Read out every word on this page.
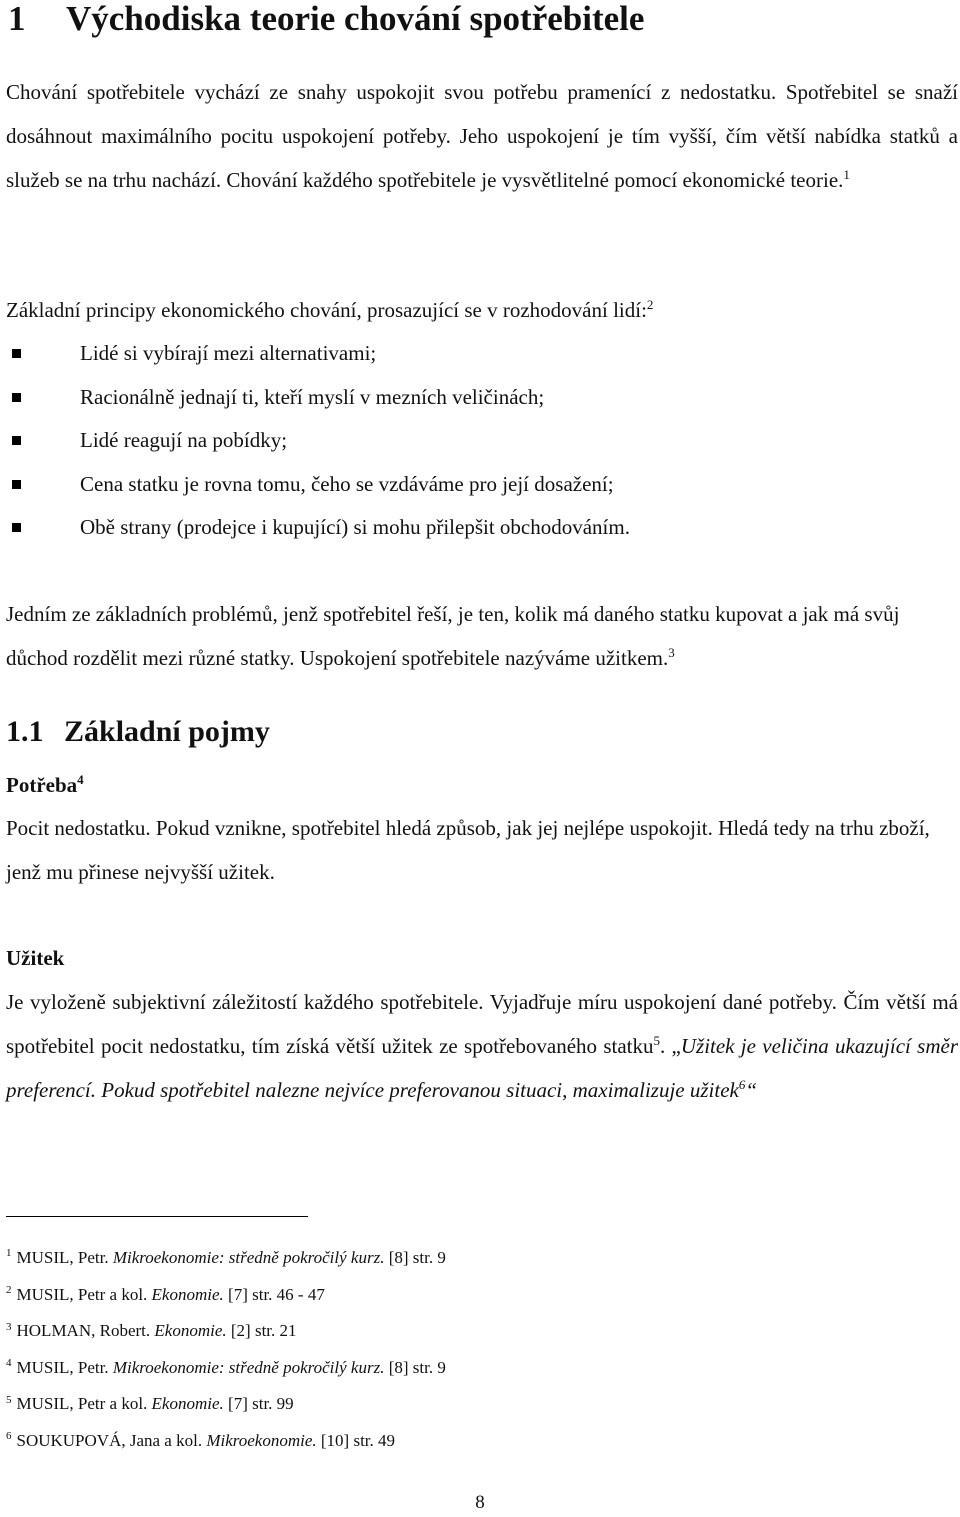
1 Východiska teorie chování spotřebitele

Chování spotřebitele vychází ze snahy uspokojit svou potřebu pramenící z nedostatku. Spotřebitel se snaží dosáhnout maximálního pocitu uspokojení potřeby. Jeho uspokojení je tím vyšší, čím větší nabídka statků a služeb se na trhu nachází. Chování každého spotřebitele je vysvětlitelné pomocí ekonomické teorie.$^1$

Základní principy ekonomického chování, prosazující se v rozhodování lidí:$^2$

Lidé si vybírají mezi alternativami;
Racionálně jednají ti, kteří myslí v mezních veličinách;
Lidé reagují na pobídky;
Cena statku je rovna tomu, čeho se vzdáváme pro její dosažení;
Obě strany (prodejce i kupující) si mohu přilepšit obchodováním.

Jedním ze základních problémů, jenž spotřebitel řeší, je ten, kolik má daného statku kupovat a jak má svůj důchod rozdělit mezi různé statky. Uspokojení spotřebitele nazýváme užitkem.$^3$

1.1 Základní pojmy
Potřeba$^4$

Pocit nedostatku. Pokud vznikne, spotřebitel hledá způsob, jak jej nejlépe uspokojit. Hledá tedy na trhu zboží, jenž mu přinese nejvyšší užitek.

Užitek

Je vyloženě subjektivní záležitostí každého spotřebitele. Vyjadřuje míru uspokojení dané potřeby. Čím větší má spotřebitel pocit nedostatku, tím získá větší užitek ze spotřebovaného statku$^5$. „Užitek je veličina ukazující směr preferencí. Pokud spotřebitel nalezne nejvíce preferovanou situaci, maximalizuje užitek$^6$“

$^1$ MUSIL, Petr. Mikroekonomie: středně pokročilý kurz. [8] str. 9
$^2$ MUSIL, Petr a kol. Ekonomie. [7] str. 46 - 47
$^3$ HOLMAN, Robert. Ekonomie. [2] str. 21
$^4$ MUSIL, Petr. Mikroekonomie: středně pokročilý kurz. [8] str. 9
$^5$ MUSIL, Petr a kol. Ekonomie. [7] str. 99
$^6$ SOUKUPOVÁ, Jana a kol. Mikroekonomie. [10] str. 49
8
